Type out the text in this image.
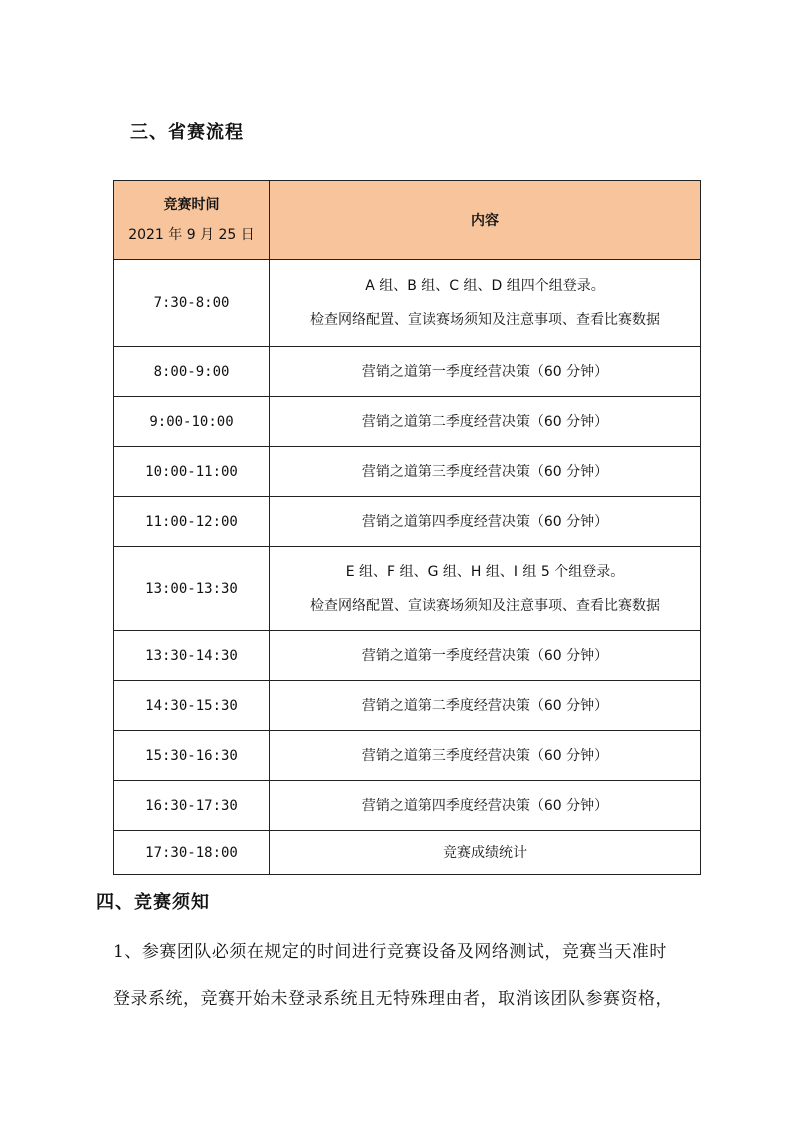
三、省赛流程
竞赛时间
2021 年 9 月 25 日	内容
7:30-8:00	A 组、B 组、C 组、D 组四个组登录。
检查网络配置、宣读赛场须知及注意事项、查看比赛数据

8:00-9:00	营销之道第一季度经营决策（60 分钟）

9:00-10:00	营销之道第二季度经营决策（60 分钟）

10:00-11:00	营销之道第三季度经营决策（60 分钟）

11:00-12:00	营销之道第四季度经营决策（60 分钟）

13:00-13:30	E 组、F 组、G 组、H 组、I 组 5 个组登录。
检查网络配置、宣读赛场须知及注意事项、查看比赛数据

13:30-14:30	营销之道第一季度经营决策（60 分钟）

14:30-15:30	营销之道第二季度经营决策（60 分钟）

15:30-16:30	营销之道第三季度经营决策（60 分钟）

16:30-17:30	营销之道第四季度经营决策（60 分钟）

17:30-18:00	竞赛成绩统计
四、竞赛须知
1、参赛团队必须在规定的时间进行竞赛设备及网络测试，竞赛当天准时
登录系统，竞赛开始未登录系统且无特殊理由者，取消该团队参赛资格，
